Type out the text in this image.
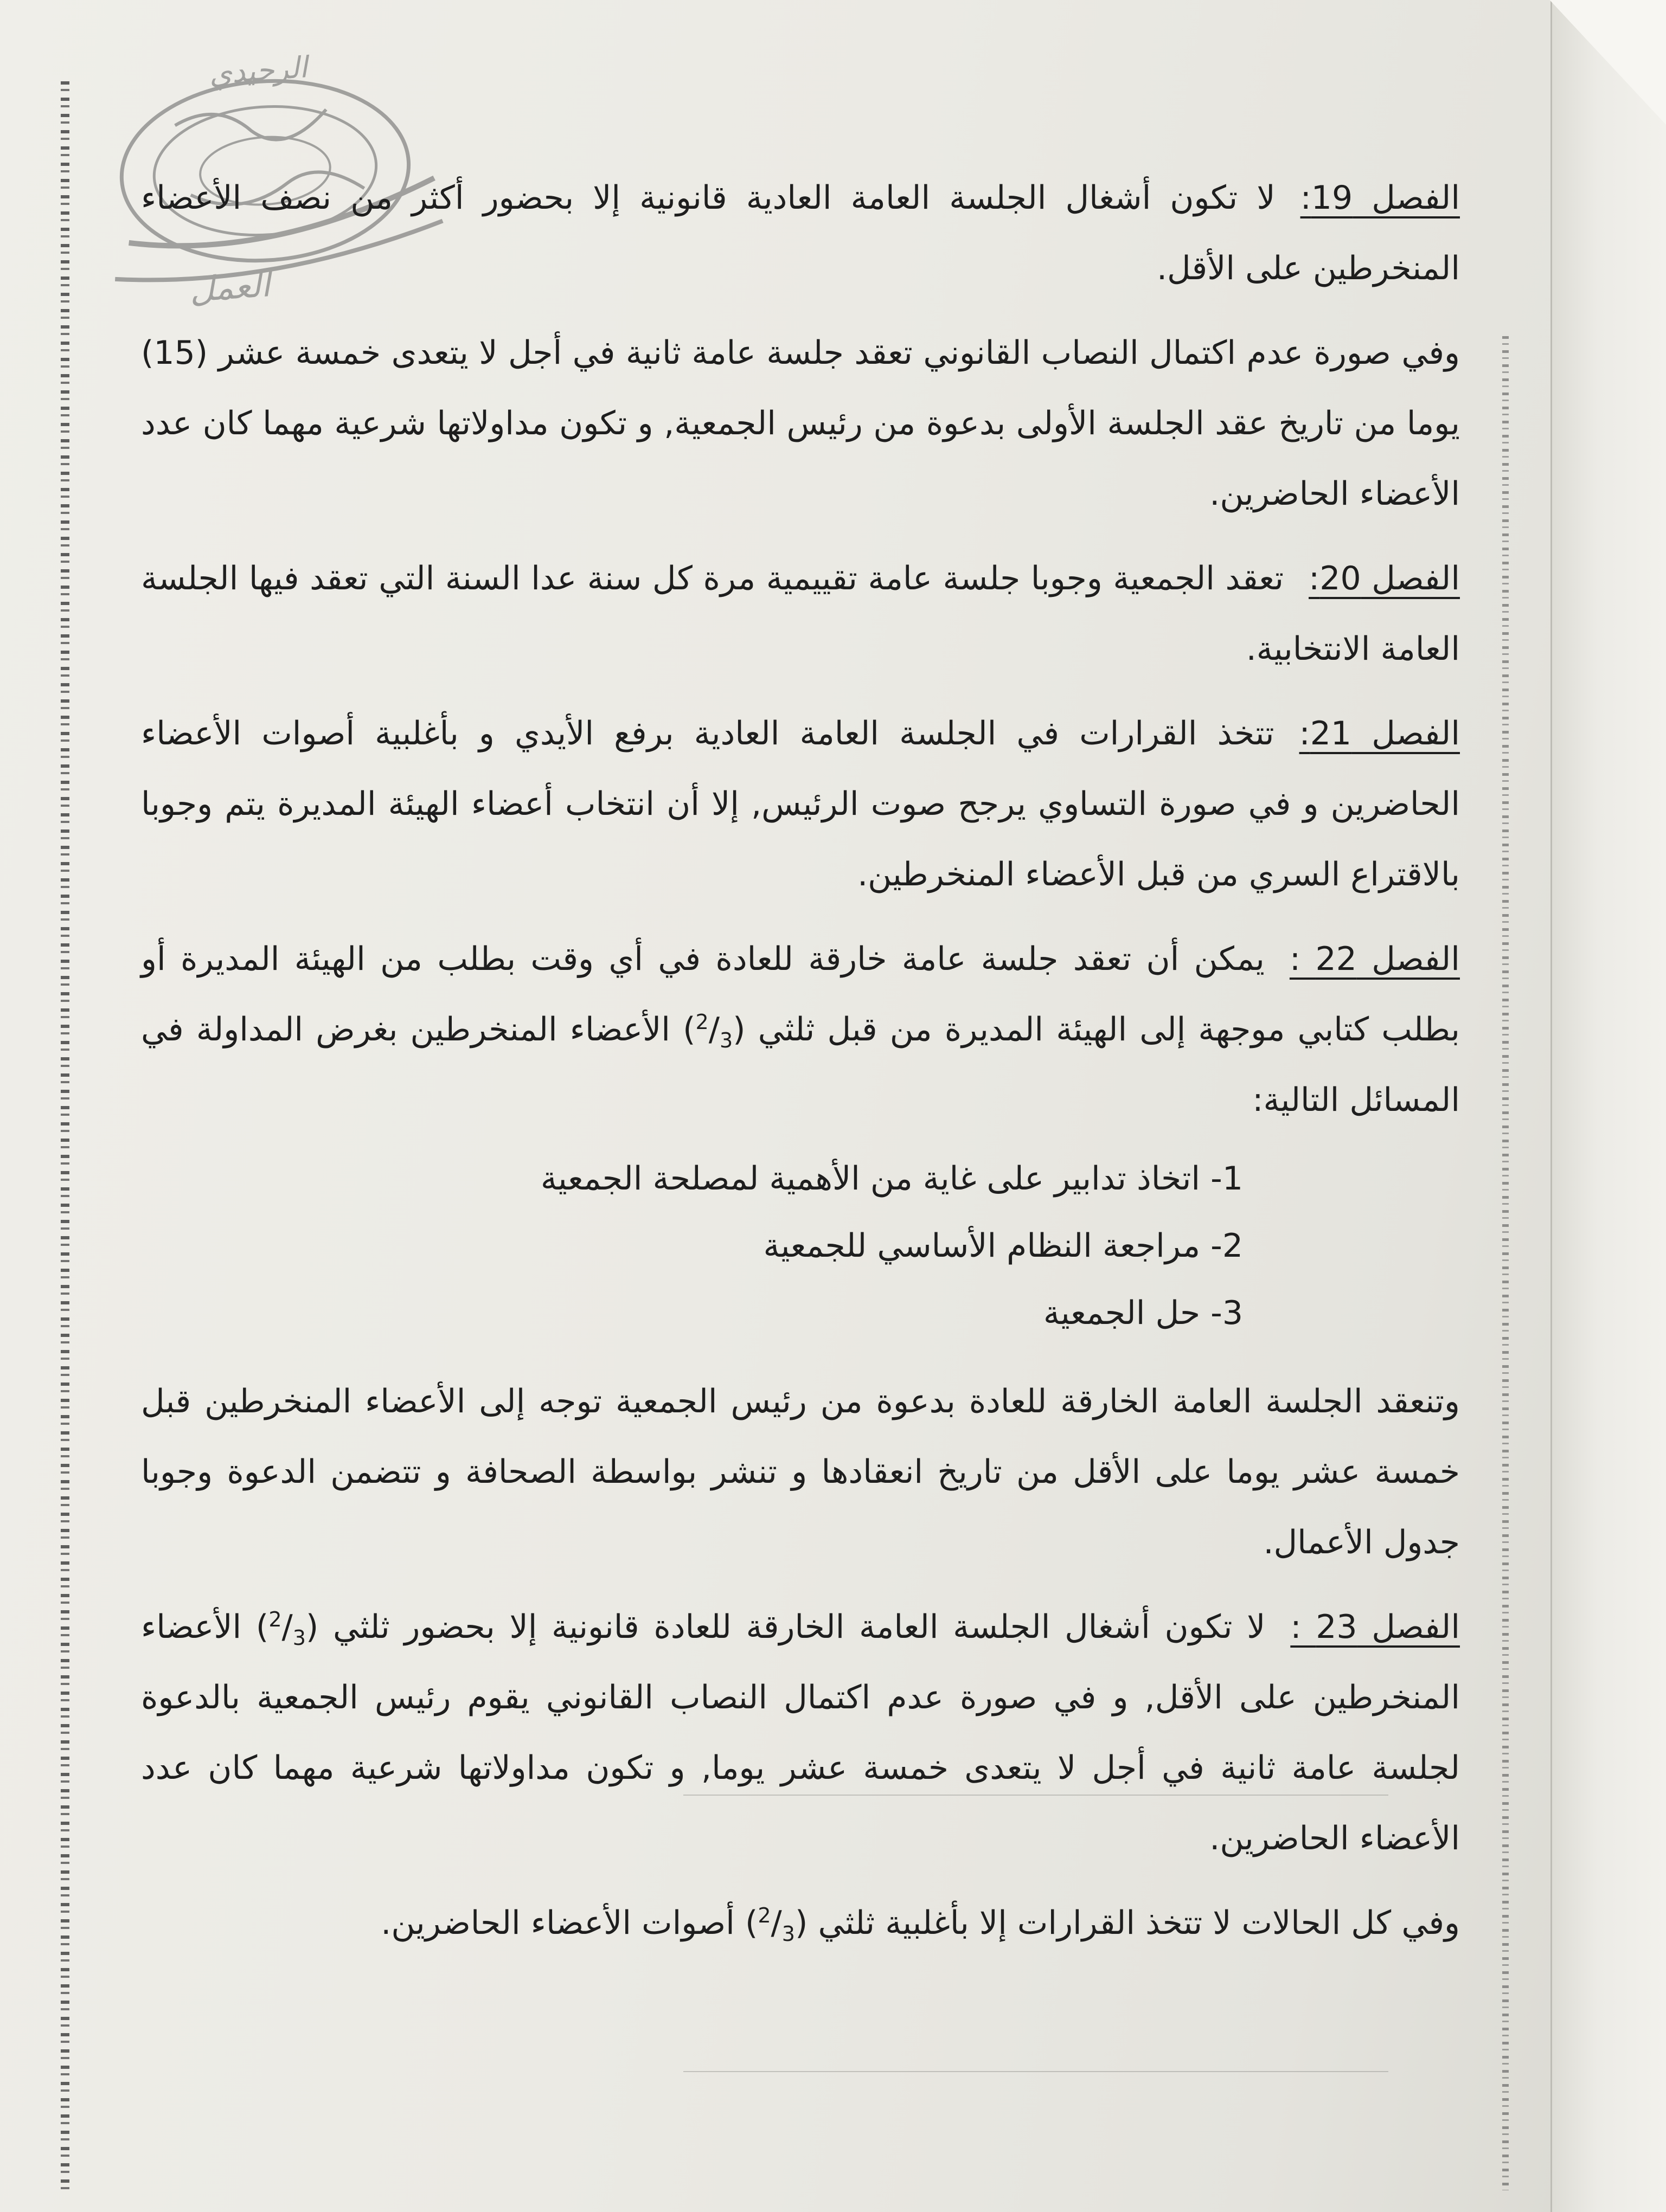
الرحيدي
العمل

الفصل 19:لا تكون أشغال الجلسة العامة العادية قانونية إلا بحضور أكثر من نصف الأعضاء المنخرطين على الأقل.

وفي صورة عدم اكتمال النصاب القانوني تعقد جلسة عامة ثانية في أجل لا يتعدى خمسة عشر (15) يوما من تاريخ عقد الجلسة الأولى بدعوة من رئيس الجمعية, و تكون مداولاتها شرعية مهما كان عدد الأعضاء الحاضرين.

الفصل 20:تعقد الجمعية وجوبا جلسة عامة تقييمية مرة كل سنة عدا السنة التي تعقد فيها الجلسة العامة الانتخابية.

الفصل 21:تتخذ القرارات في الجلسة العامة العادية برفع الأيدي و بأغلبية أصوات الأعضاء الحاضرين و في صورة التساوي يرجح صوت الرئيس, إلا أن انتخاب أعضاء الهيئة المديرة يتم وجوبا بالاقتراع السري من قبل الأعضاء المنخرطين.

الفصل 22 :يمكن أن تعقد جلسة عامة خارقة للعادة في أي وقت بطلب من الهيئة المديرة أو بطلب كتابي موجهة إلى الهيئة المديرة من قبل ثلثي $(^2/_3)$ الأعضاء المنخرطين بغرض المداولة في المسائل التالية:

1- اتخاذ تدابير على غاية من الأهمية لمصلحة الجمعية
2- مراجعة النظام الأساسي للجمعية
3- حل الجمعية

وتنعقد الجلسة العامة الخارقة للعادة بدعوة من رئيس الجمعية توجه إلى الأعضاء المنخرطين قبل خمسة عشر يوما على الأقل من تاريخ انعقادها و تنشر بواسطة الصحافة و تتضمن الدعوة وجوبا جدول الأعمال.

الفصل 23 :لا تكون أشغال الجلسة العامة الخارقة للعادة قانونية إلا بحضور ثلثي $(^2/_3)$ الأعضاء المنخرطين على الأقل, و في صورة عدم اكتمال النصاب القانوني يقوم رئيس الجمعية بالدعوة لجلسة عامة ثانية في أجل لا يتعدى خمسة عشر يوما, و تكون مداولاتها شرعية مهما كان عدد الأعضاء الحاضرين.

وفي كل الحالات لا تتخذ القرارات إلا بأغلبية ثلثي $(^2/_3)$ أصوات الأعضاء الحاضرين.
